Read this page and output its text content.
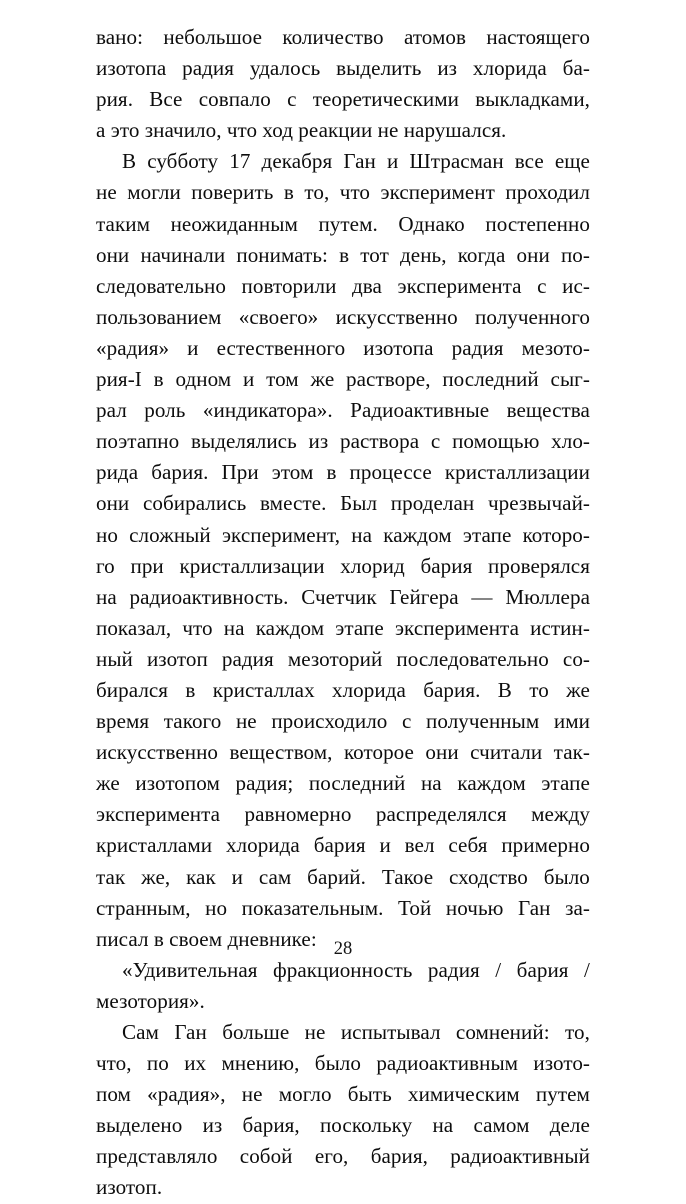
вано: небольшое количество атомов настоящего
изотопа радия удалось выделить из хлорида ба-
рия. Все совпало с теоретическими выкладками,
а это значило, что ход реакции не нарушался.
В субботу 17 декабря Ган и Штрасман все еще
не могли поверить в то, что эксперимент проходил
таким неожиданным путем. Однако постепенно
они начинали понимать: в тот день, когда они по-
следовательно повторили два эксперимента с ис-
пользованием «своего» искусственно полученного
«радия» и естественного изотопа радия мезото-
рия-I в одном и том же растворе, последний сыг-
рал роль «индикатора». Радиоактивные вещества
поэтапно выделялись из раствора с помощью хло-
рида бария. При этом в процессе кристаллизации
они собирались вместе. Был проделан чрезвычай-
но сложный эксперимент, на каждом этапе которо-
го при кристаллизации хлорид бария проверялся
на радиоактивность. Счетчик Гейгера — Мюллера
показал, что на каждом этапе эксперимента истин-
ный изотоп радия мезоторий последовательно со-
бирался в кристаллах хлорида бария. В то же
время такого не происходило с полученным ими
искусственно веществом, которое они считали так-
же изотопом радия; последний на каждом этапе
эксперимента равномерно распределялся между
кристаллами хлорида бария и вел себя примерно
так же, как и сам барий. Такое сходство было
странным, но показательным. Той ночью Ган за-
писал в своем дневнике:
«Удивительная фракционность радия / бария /
мезотория».
Сам Ган больше не испытывал сомнений: то,
что, по их мнению, было радиоактивным изото-
пом «радия», не могло быть химическим путем
выделено из бария, поскольку на самом деле
представляло собой его, бария, радиоактивный
изотоп.
28
